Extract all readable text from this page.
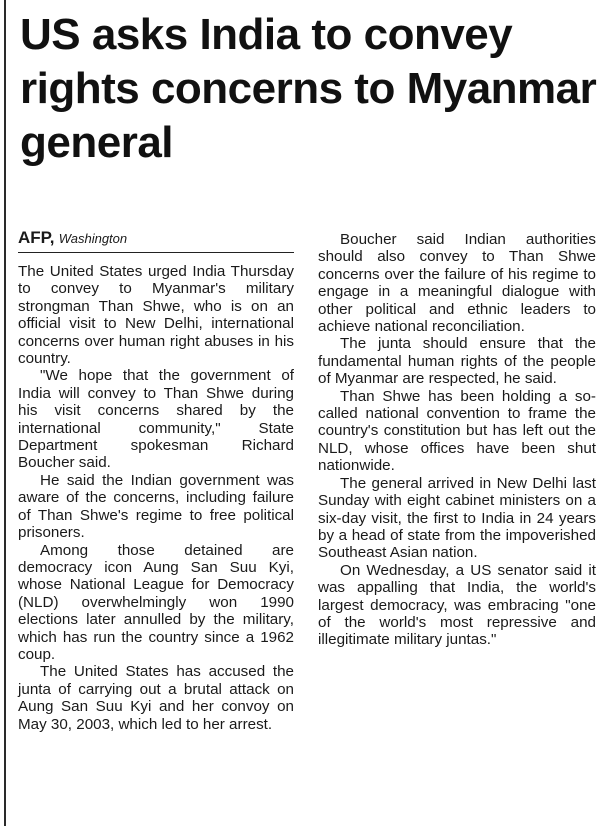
US asks India to convey rights concerns to Myanmar general
AFP, Washington

The United States urged India Thursday to convey to Myanmar's military strongman Than Shwe, who is on an official visit to New Delhi, international concerns over human right abuses in his country.

"We hope that the government of India will convey to Than Shwe during his visit concerns shared by the international community," State Department spokesman Richard Boucher said.

He said the Indian government was aware of the concerns, including failure of Than Shwe's regime to free political prisoners.

Among those detained are democracy icon Aung San Suu Kyi, whose National League for Democracy (NLD) overwhelmingly won 1990 elections later annulled by the military, which has run the country since a 1962 coup.

The United States has accused the junta of carrying out a brutal attack on Aung San Suu Kyi and her convoy on May 30, 2003, which led to her arrest.

Boucher said Indian authorities should also convey to Than Shwe concerns over the failure of his regime to engage in a meaningful dialogue with other political and ethnic leaders to achieve national reconciliation.

The junta should ensure that the fundamental human rights of the people of Myanmar are respected, he said.

Than Shwe has been holding a so-called national convention to frame the country's constitution but has left out the NLD, whose offices have been shut nationwide.

The general arrived in New Delhi last Sunday with eight cabinet ministers on a six-day visit, the first to India in 24 years by a head of state from the impoverished Southeast Asian nation.

On Wednesday, a US senator said it was appalling that India, the world's largest democracy, was embracing "one of the world's most repressive and illegitimate military juntas."
